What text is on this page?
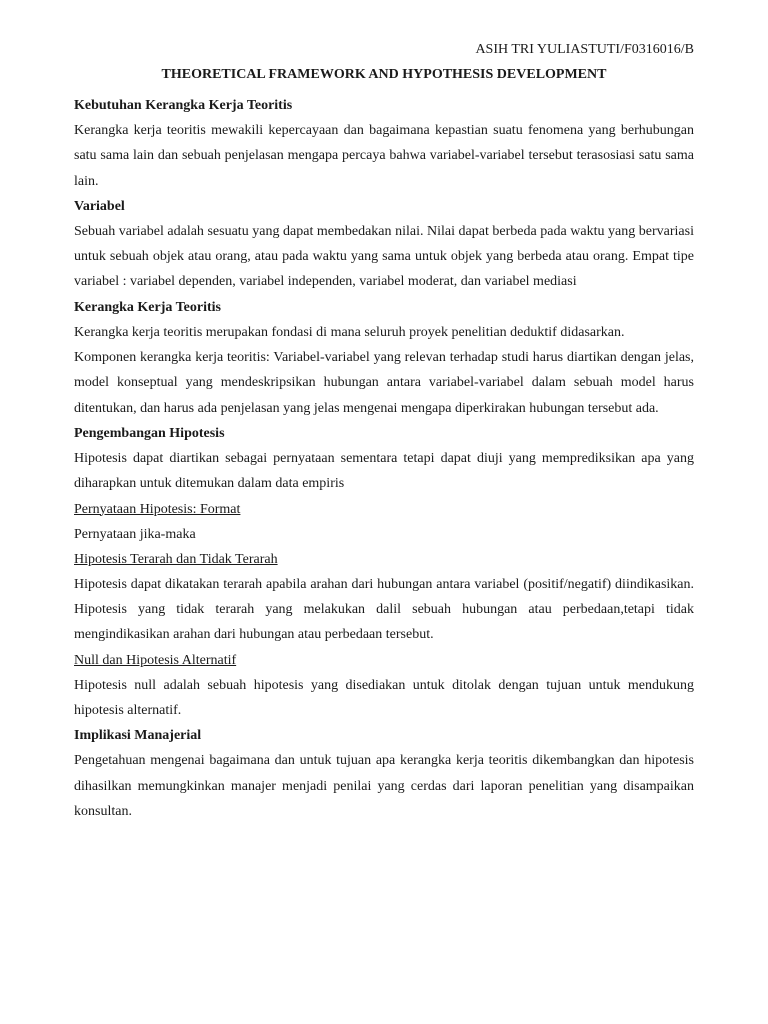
ASIH TRI YULIASTUTI/F0316016/B

THEORETICAL FRAMEWORK AND HYPOTHESIS DEVELOPMENT

Kebutuhan Kerangka Kerja Teoritis

Kerangka kerja teoritis mewakili kepercayaan dan bagaimana kepastian suatu fenomena yang berhubungan satu sama lain dan sebuah penjelasan mengapa percaya bahwa variabel-variabel tersebut terasosiasi satu sama lain.

Variabel

Sebuah variabel adalah sesuatu yang dapat membedakan nilai. Nilai dapat berbeda pada waktu yang bervariasi untuk sebuah objek atau orang, atau pada waktu yang sama untuk objek yang berbeda atau orang. Empat tipe variabel : variabel dependen, variabel independen, variabel moderat, dan variabel mediasi

Kerangka Kerja Teoritis

Kerangka kerja teoritis merupakan fondasi di mana seluruh proyek penelitian deduktif didasarkan.

Komponen kerangka kerja teoritis: Variabel-variabel yang relevan terhadap studi harus diartikan dengan jelas, model konseptual yang mendeskripsikan hubungan antara variabel-variabel dalam sebuah model harus ditentukan, dan harus ada penjelasan yang jelas mengenai mengapa diperkirakan hubungan tersebut ada.

Pengembangan Hipotesis

Hipotesis dapat diartikan sebagai pernyataan sementara tetapi dapat diuji yang memprediksikan apa yang diharapkan untuk ditemukan dalam data empiris

Pernyataan Hipotesis: Format

Pernyataan jika-maka

Hipotesis Terarah dan Tidak Terarah

Hipotesis dapat dikatakan terarah apabila arahan dari hubungan antara variabel (positif/negatif) diindikasikan. Hipotesis yang tidak terarah yang melakukan dalil sebuah hubungan atau perbedaan,tetapi tidak mengindikasikan arahan dari hubungan atau perbedaan tersebut.

Null dan Hipotesis Alternatif

Hipotesis null adalah sebuah hipotesis yang disediakan untuk ditolak dengan tujuan untuk mendukung hipotesis alternatif.

Implikasi Manajerial

Pengetahuan mengenai bagaimana dan untuk tujuan apa kerangka kerja teoritis dikembangkan dan hipotesis dihasilkan memungkinkan manajer menjadi penilai yang cerdas dari laporan penelitian yang disampaikan konsultan.
